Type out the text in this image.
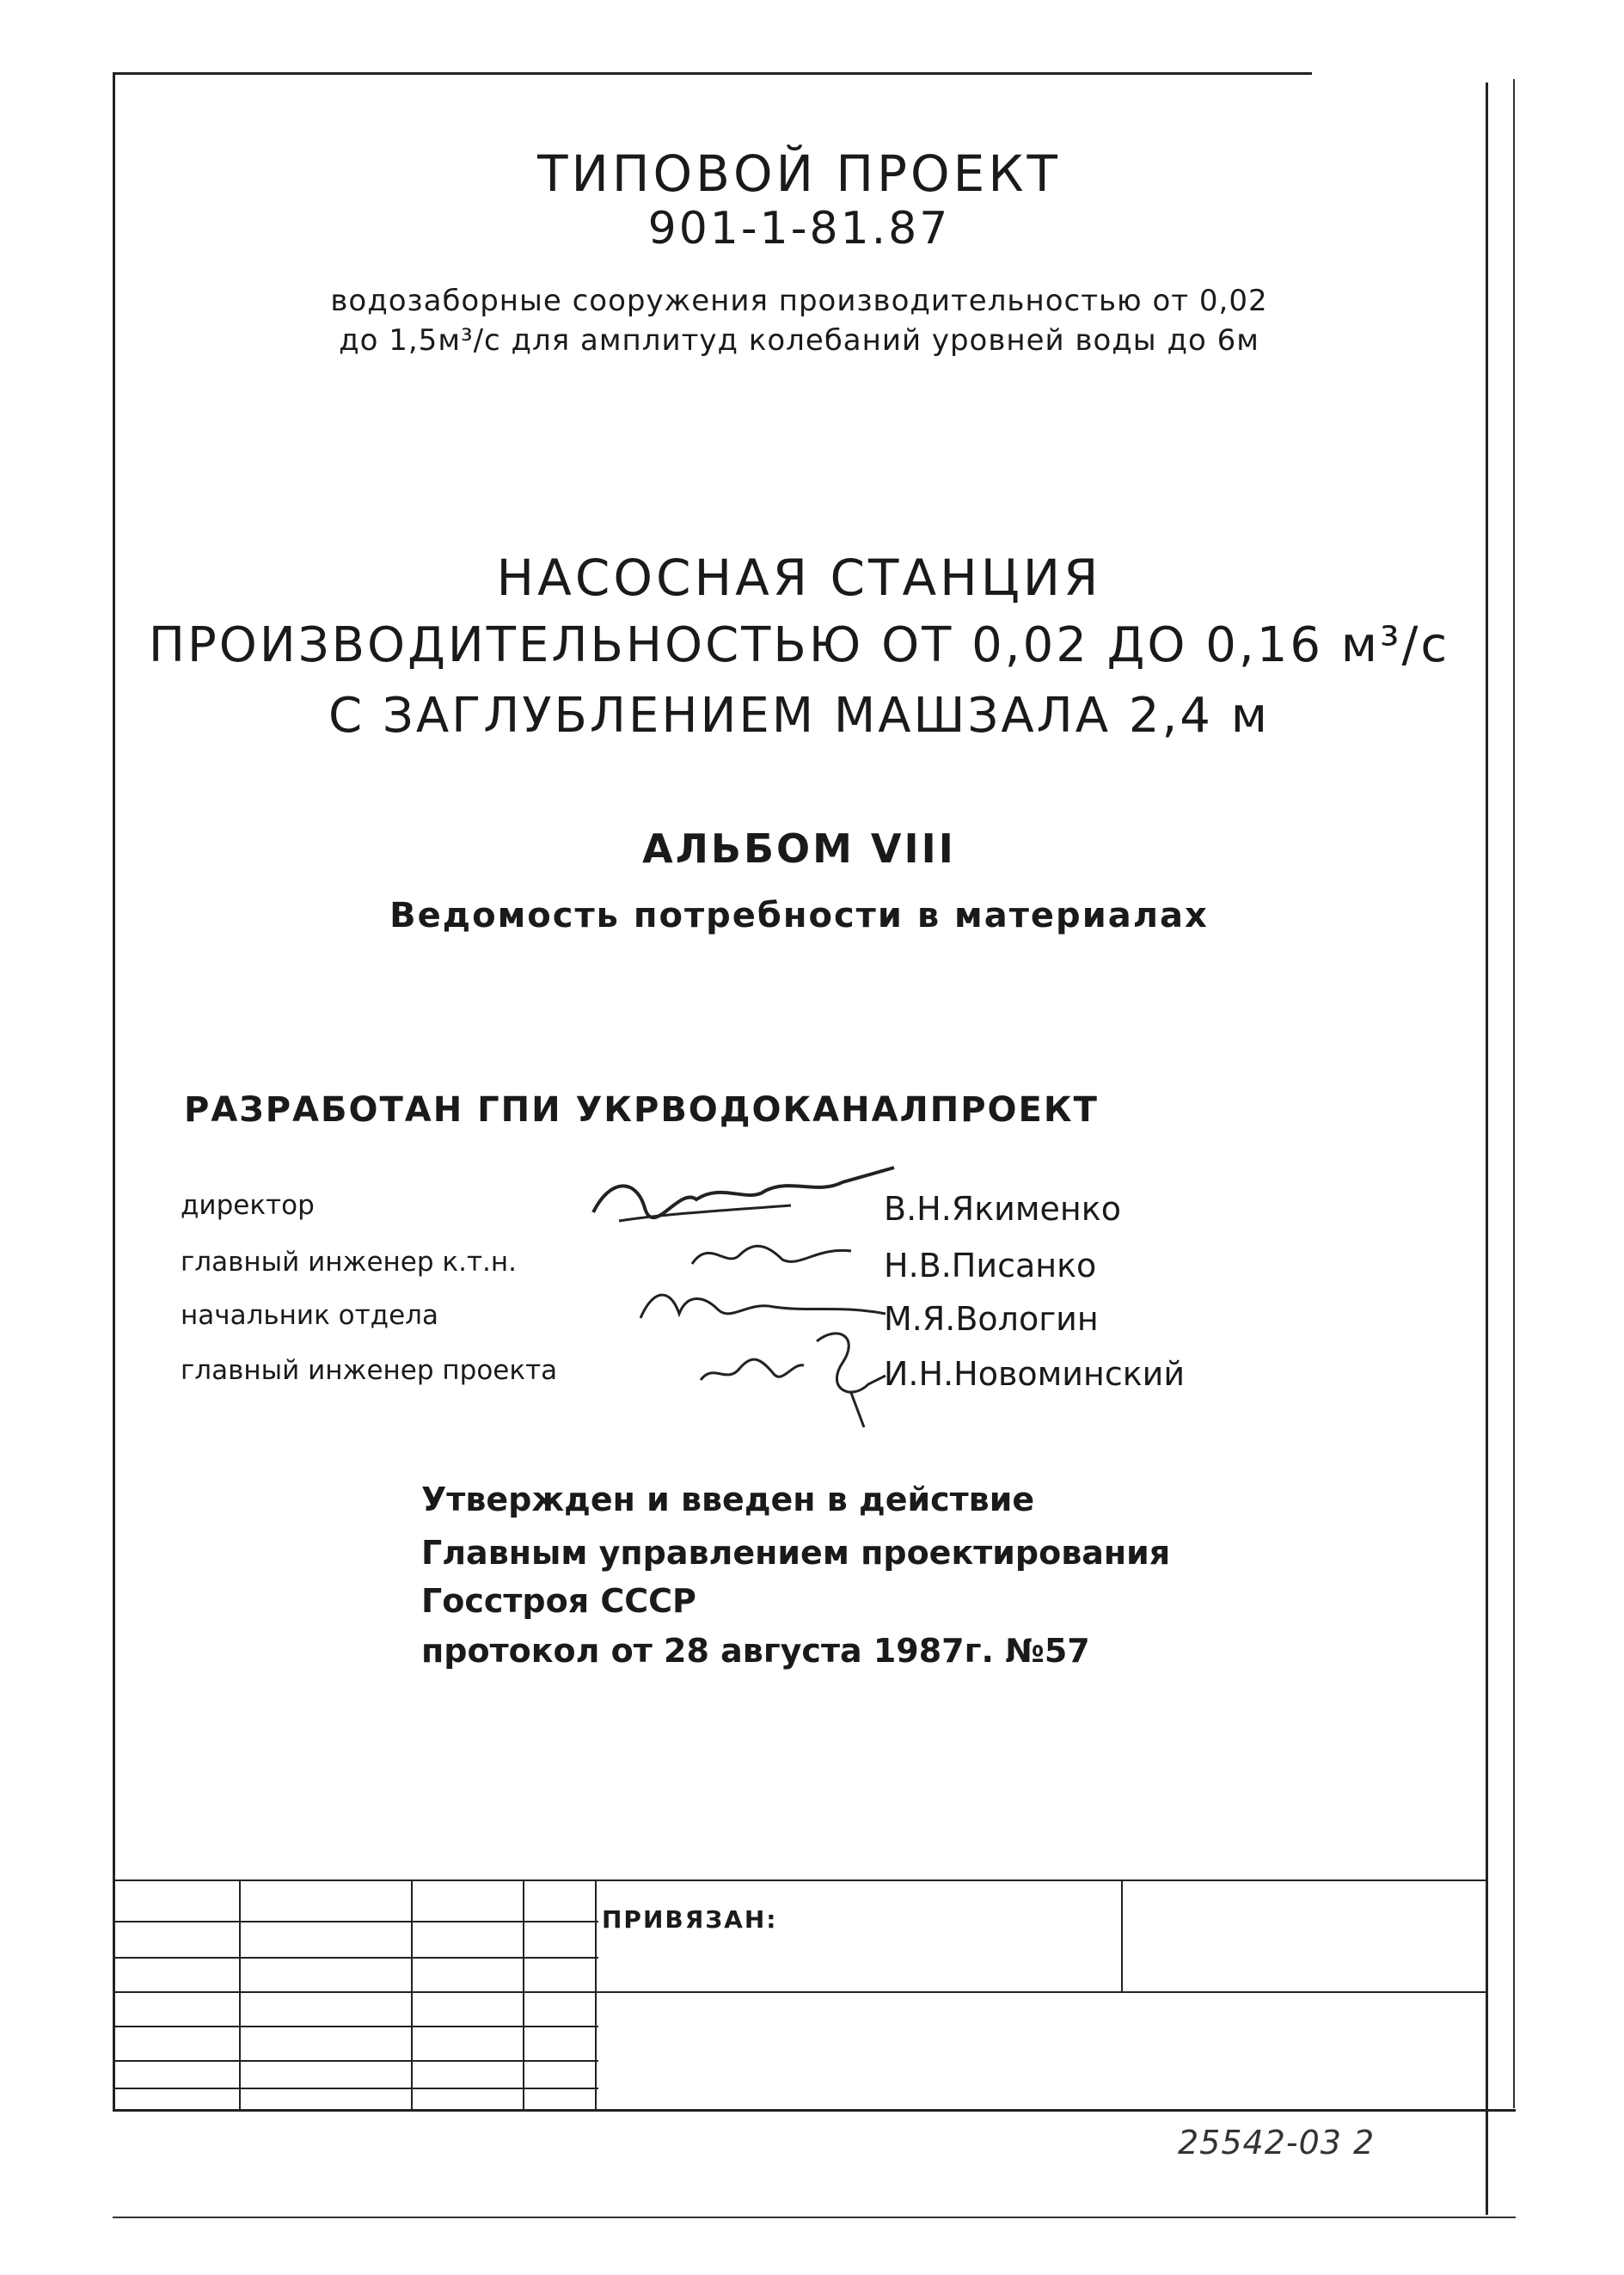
ТИПОВОЙ ПРОЕКТ
901-1-81.87
водозаборные сооружения производительностью от 0,02
до 1,5м³/с для амплитуд колебаний уровней воды до 6м
НАСОСНАЯ СТАНЦИЯ
ПРОИЗВОДИТЕЛЬНОСТЬЮ ОТ 0,02 ДО 0,16 м³/с
С ЗАГЛУБЛЕНИЕМ МАШЗАЛА 2,4 м
АЛЬБОМ VIII
Ведомость потребности в материалах
РАЗРАБОТАН ГПИ УКРВОДОКАНАЛПРОЕКТ
директор	В.Н.Якименко
главный инженер к.т.н.	Н.В.Писанко
начальник отдела	М.Я.Вологин
главный инженер проекта	И.Н.Новоминский
Утвержден и введен в действие
Главным управлением проектирования
Госстроя СССР
протокол от 28 августа 1987г. №57
ПРИВЯЗАН:
25542-03 2
